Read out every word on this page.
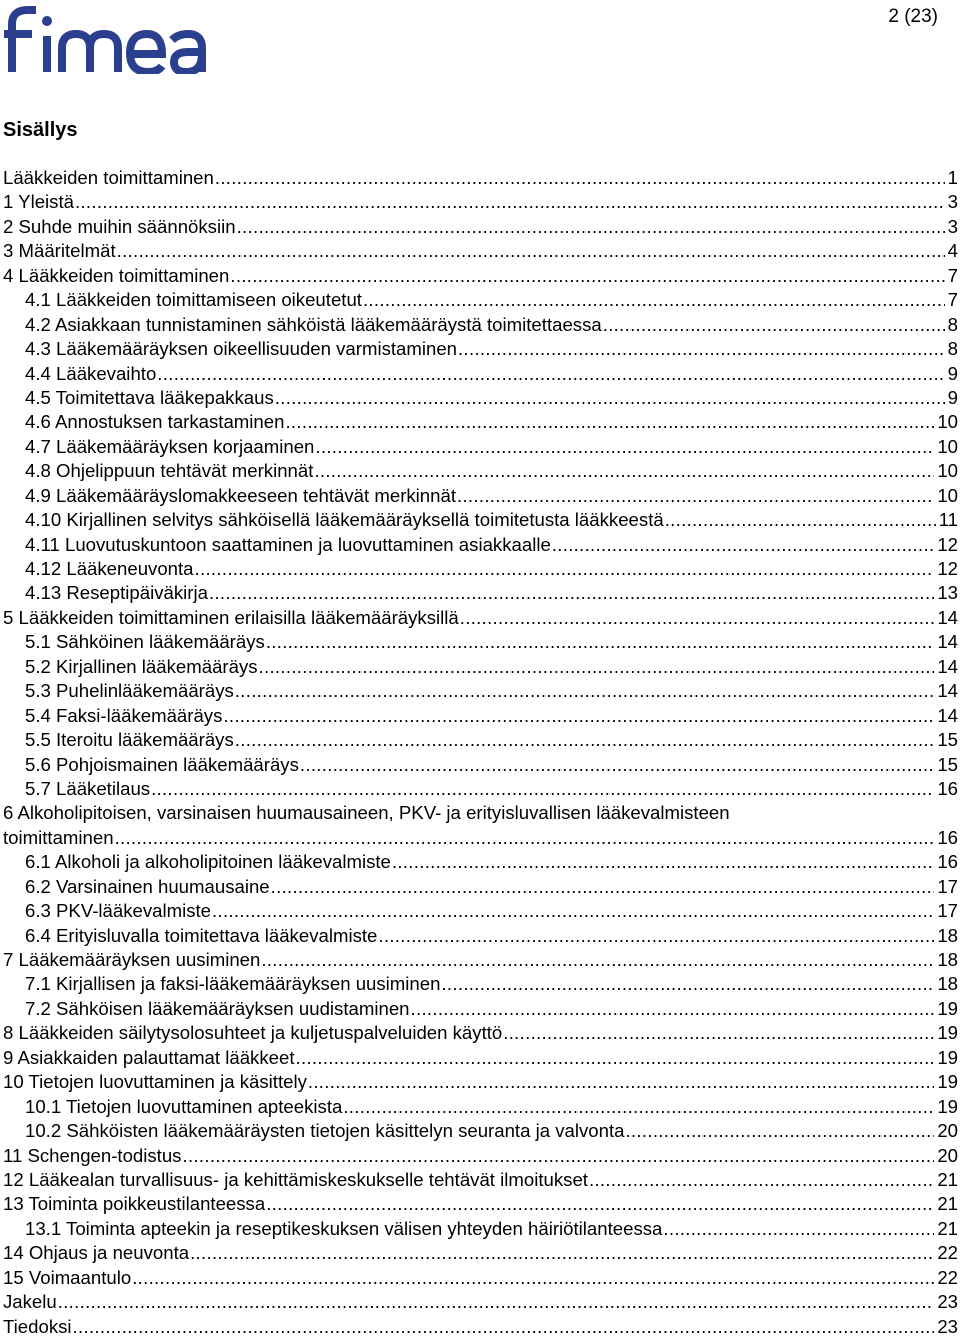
2 (23)
Sisällys
Lääkkeiden toimittaminen .....	1
1 Yleistä .....	3
2 Suhde muihin säännöksiin .....	3
3 Määritelmät .....	4
4 Lääkkeiden toimittaminen .....	7
4.1 Lääkkeiden toimittamiseen oikeutetut .....	7
4.2 Asiakkaan tunnistaminen sähköistä lääkemääräystä toimitettaessa .....	8
4.3 Lääkemääräyksen oikeellisuuden varmistaminen .....	8
4.4 Lääkevaihto .....	9
4.5 Toimitettava lääkepakkaus .....	9
4.6 Annostuksen tarkastaminen .....	10
4.7 Lääkemääräyksen korjaaminen .....	10
4.8 Ohjelippuun tehtävät merkinnät .....	10
4.9 Lääkemääräyslomakkeeseen tehtävät merkinnät .....	10
4.10 Kirjallinen selvitys sähköisellä lääkemääräyksellä toimitetusta lääkkeestä .....	11
4.11 Luovutuskuntoon saattaminen ja luovuttaminen asiakkaalle .....	12
4.12 Lääkeneuvonta .....	12
4.13 Reseptipäiväkirja .....	13
5 Lääkkeiden toimittaminen erilaisilla lääkemääräyksillä .....	14
5.1 Sähköinen lääkemääräys .....	14
5.2 Kirjallinen lääkemääräys .....	14
5.3 Puhelinlääkemääräys .....	14
5.4 Faksi-lääkemääräys .....	14
5.5 Iteroitu lääkemääräys .....	15
5.6 Pohjoismainen lääkemääräys .....	15
5.7 Lääketilaus .....	16
6 Alkoholipitoisen, varsinaisen huumausaineen, PKV- ja erityisluvallisen lääkevalmisteen
toimittaminen .....	16
6.1 Alkoholi ja alkoholipitoinen lääkevalmiste .....	16
6.2 Varsinainen huumausaine .....	17
6.3 PKV-lääkevalmiste .....	17
6.4 Erityisluvalla toimitettava lääkevalmiste .....	18
7 Lääkemääräyksen uusiminen .....	18
7.1 Kirjallisen ja faksi-lääkemääräyksen uusiminen .....	18
7.2 Sähköisen lääkemääräyksen uudistaminen .....	19
8 Lääkkeiden säilytysolosuhteet ja kuljetuspalveluiden käyttö .....	19
9 Asiakkaiden palauttamat lääkkeet .....	19
10 Tietojen luovuttaminen ja käsittely .....	19
10.1 Tietojen luovuttaminen apteekista .....	19
10.2 Sähköisten lääkemääräysten tietojen käsittelyn seuranta ja valvonta .....	20
11 Schengen-todistus .....	20
12 Lääkealan turvallisuus- ja kehittämiskeskukselle tehtävät ilmoitukset .....	21
13 Toiminta poikkeustilanteessa .....	21
13.1 Toiminta apteekin ja reseptikeskuksen välisen yhteyden häiriötilanteessa .....	21
14 Ohjaus ja neuvonta .....	22
15 Voimaantulo .....	22
Jakelu .....	23
Tiedoksi .....	23
